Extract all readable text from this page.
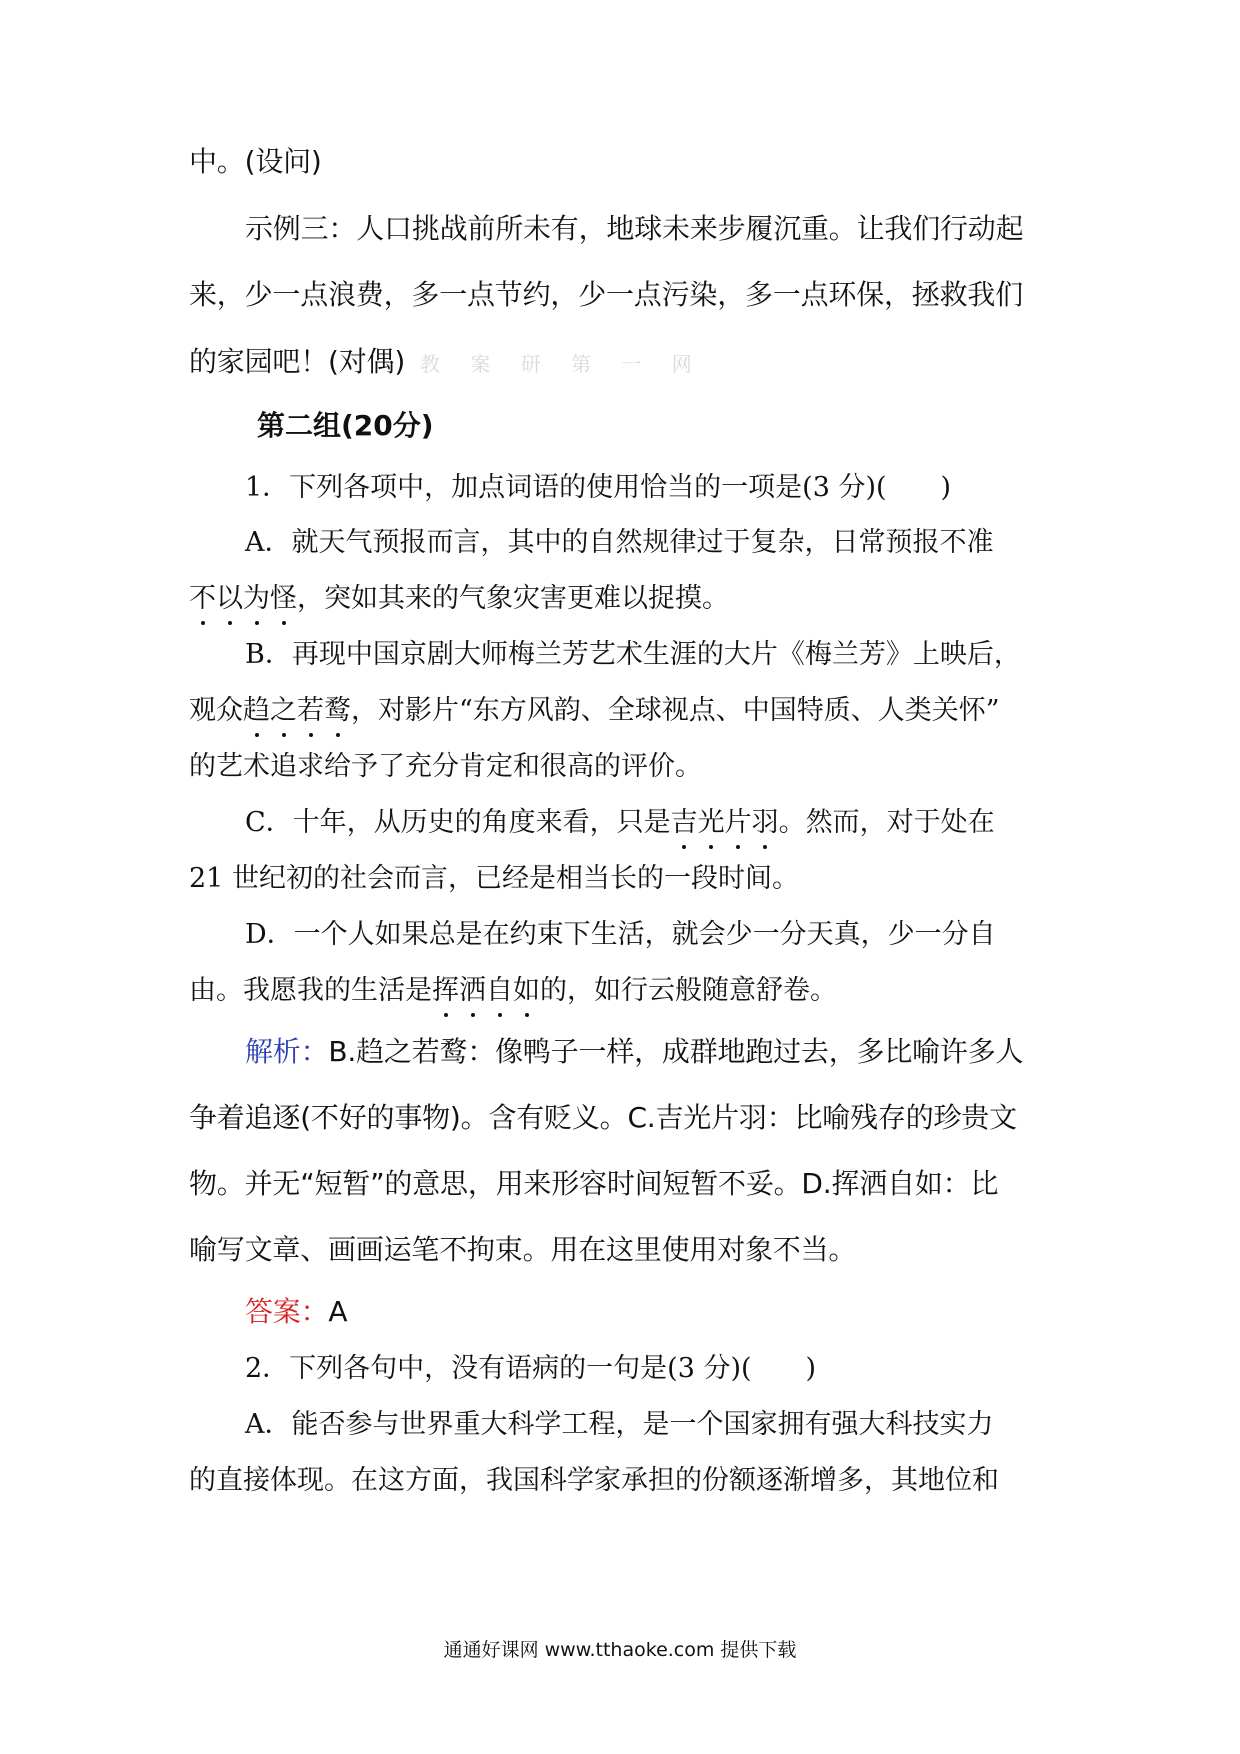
中。(设问)
示例三：人口挑战前所未有，地球未来步履沉重。让我们行动起
来，少一点浪费，多一点节约，少一点污染，多一点环保，拯救我们
的家园吧！(对偶) 教 案 研 第 一 网
第二组(20分)
1．下列各项中，加点词语的使用恰当的一项是(3 分)(　　)
A．就天气预报而言，其中的自然规律过于复杂，日常预报不准
不以为怪，突如其来的气象灾害更难以捉摸。
B．再现中国京剧大师梅兰芳艺术生涯的大片《梅兰芳》上映后，
观众趋之若鹜，对影片“东方风韵、全球视点、中国特质、人类关怀”
的艺术追求给予了充分肯定和很高的评价。
C．十年，从历史的角度来看，只是吉光片羽。然而，对于处在
21 世纪初的社会而言，已经是相当长的一段时间。
D．一个人如果总是在约束下生活，就会少一分天真，少一分自
由。我愿我的生活是挥洒自如的，如行云般随意舒卷。
解析：B.趋之若鹜：像鸭子一样，成群地跑过去，多比喻许多人
争着追逐(不好的事物)。含有贬义。C.吉光片羽：比喻残存的珍贵文
物。并无“短暂”的意思，用来形容时间短暂不妥。D.挥洒自如：比
喻写文章、画画运笔不拘束。用在这里使用对象不当。
答案：A
2．下列各句中，没有语病的一句是(3 分)(　　)
A．能否参与世界重大科学工程，是一个国家拥有强大科技实力
的直接体现。在这方面，我国科学家承担的份额逐渐增多，其地位和
通通好课网 www.tthaoke.com 提供下载
